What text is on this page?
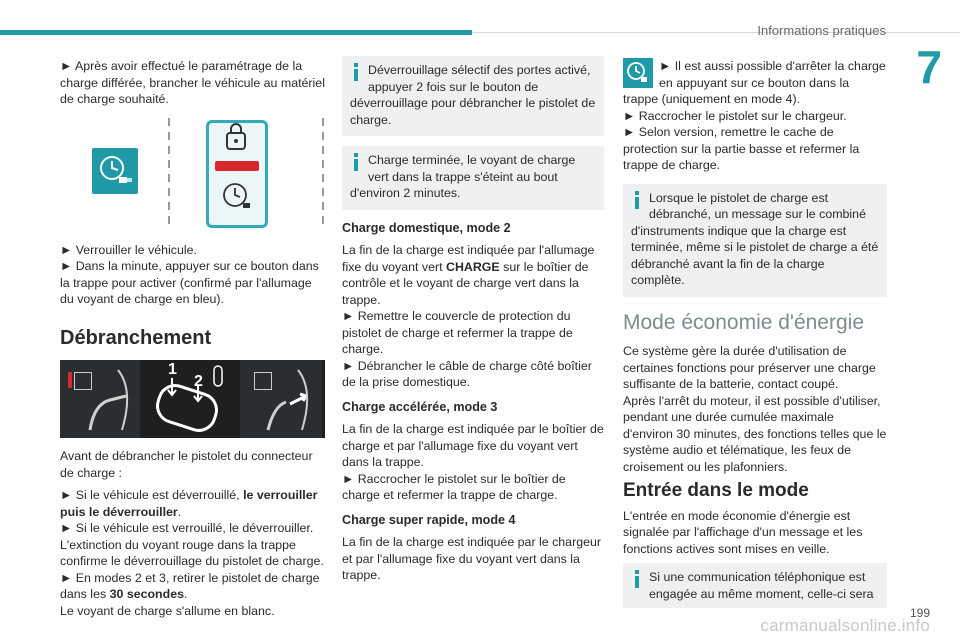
Informations pratiques
7

► Après avoir effectué le paramétrage de la charge différée, brancher le véhicule au matériel de charge souhaité.

► Verrouiller le véhicule.
► Dans la minute, appuyer sur ce bouton dans la trappe pour activer (confirmé par l'allumage du voyant de charge en bleu).

Débranchement
1
2

Avant de débrancher le pistolet du connecteur de charge :

► Si le véhicule est déverrouillé, le verrouiller puis le déverrouiller.

► Si le véhicule est verrouillé, le déverrouiller.

L'extinction du voyant rouge dans la trappe confirme le déverrouillage du pistolet de charge.

► En modes 2 et 3, retirer le pistolet de charge dans les 30 secondes.

Le voyant de charge s'allume en blanc.

Déverrouillage sélectif des portes activé, appuyer 2 fois sur le bouton de déverrouillage pour débrancher le pistolet de charge.
Charge terminée, le voyant de charge vert dans la trappe s'éteint au bout d'environ 2 minutes.
Charge domestique, mode 2

La fin de la charge est indiquée par l'allumage fixe du voyant vert CHARGE sur le boîtier de contrôle et le voyant de charge vert dans la trappe.

► Remettre le couvercle de protection du pistolet de charge et refermer la trappe de charge.

► Débrancher le câble de charge côté boîtier de la prise domestique.

Charge accélérée, mode 3

La fin de la charge est indiquée par le boîtier de charge et par l'allumage fixe du voyant vert dans la trappe.

► Raccrocher le pistolet sur le boîtier de charge et refermer la trappe de charge.

Charge super rapide, mode 4

La fin de la charge est indiquée par le chargeur et par l'allumage fixe du voyant vert dans la trappe.

► Il est aussi possible d'arrêter la charge en appuyant sur ce bouton dans la trappe (uniquement en mode 4).

► Raccrocher le pistolet sur le chargeur.

► Selon version, remettre le cache de protection sur la partie basse et refermer la trappe de charge.

Lorsque le pistolet de charge est débranché, un message sur le combiné d'instruments indique que la charge est terminée, même si le pistolet de charge a été débranché avant la fin de la charge complète.
Mode économie d'énergie

Ce système gère la durée d'utilisation de certaines fonctions pour préserver une charge suffisante de la batterie, contact coupé.

Après l'arrêt du moteur, il est possible d'utiliser, pendant une durée cumulée maximale d'environ 30 minutes, des fonctions telles que le système audio et télématique, les feux de croisement ou les plafonniers.

Entrée dans le mode

L'entrée en mode économie d'énergie est signalée par l'affichage d'un message et les fonctions actives sont mises en veille.

Si une communication téléphonique est engagée au même moment, celle-ci sera
carmanualsonline.info
199
